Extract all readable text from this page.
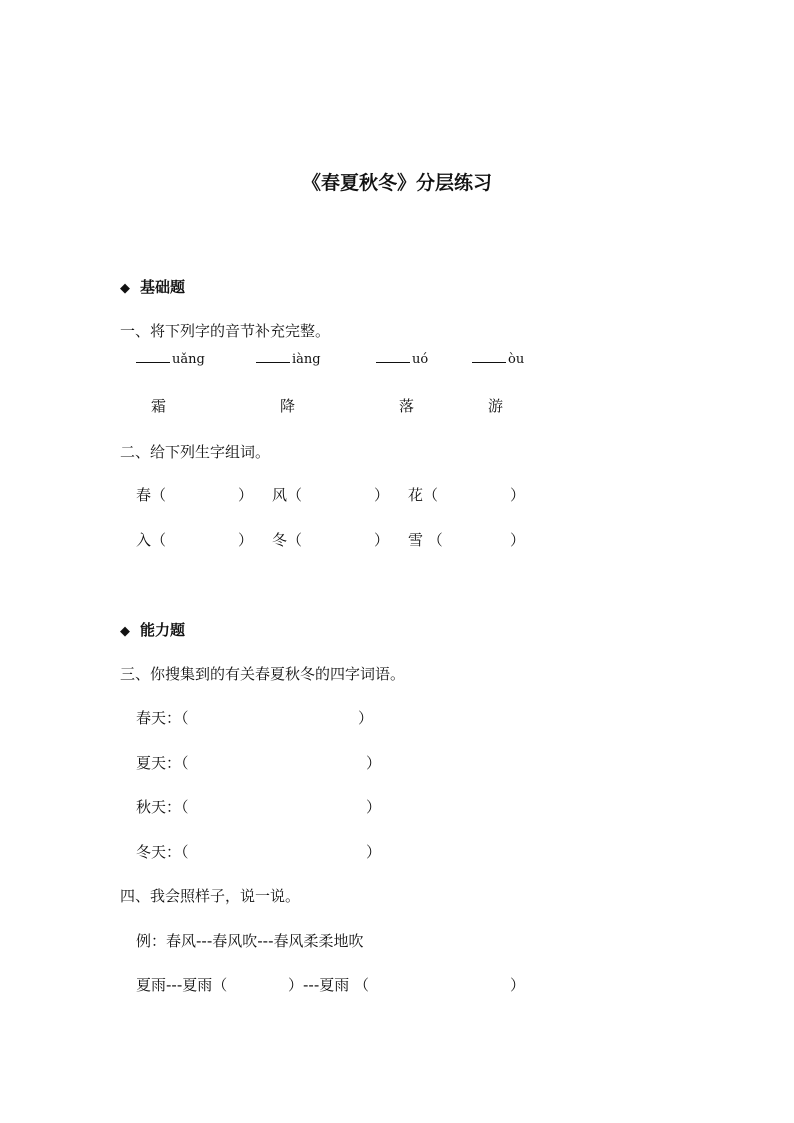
《春夏秋冬》分层练习
◆ 基础题
一、将下列字的音节补充完整。
uǎng	iàng	uó	òu
霜	降	落	游
二、给下列生字组词。
春（	） 风（	） 花（	）
入（	） 冬（	） 雪 （	）
◆ 能力题
三、你搜集到的有关春夏秋冬的四字词语。
春天：（	）
夏天：（	）
秋天：（	）
冬天：（	）
四、我会照样子，说一说。
例：春风---春风吹---春风柔柔地吹
夏雨---夏雨（	）---夏雨 （	）
